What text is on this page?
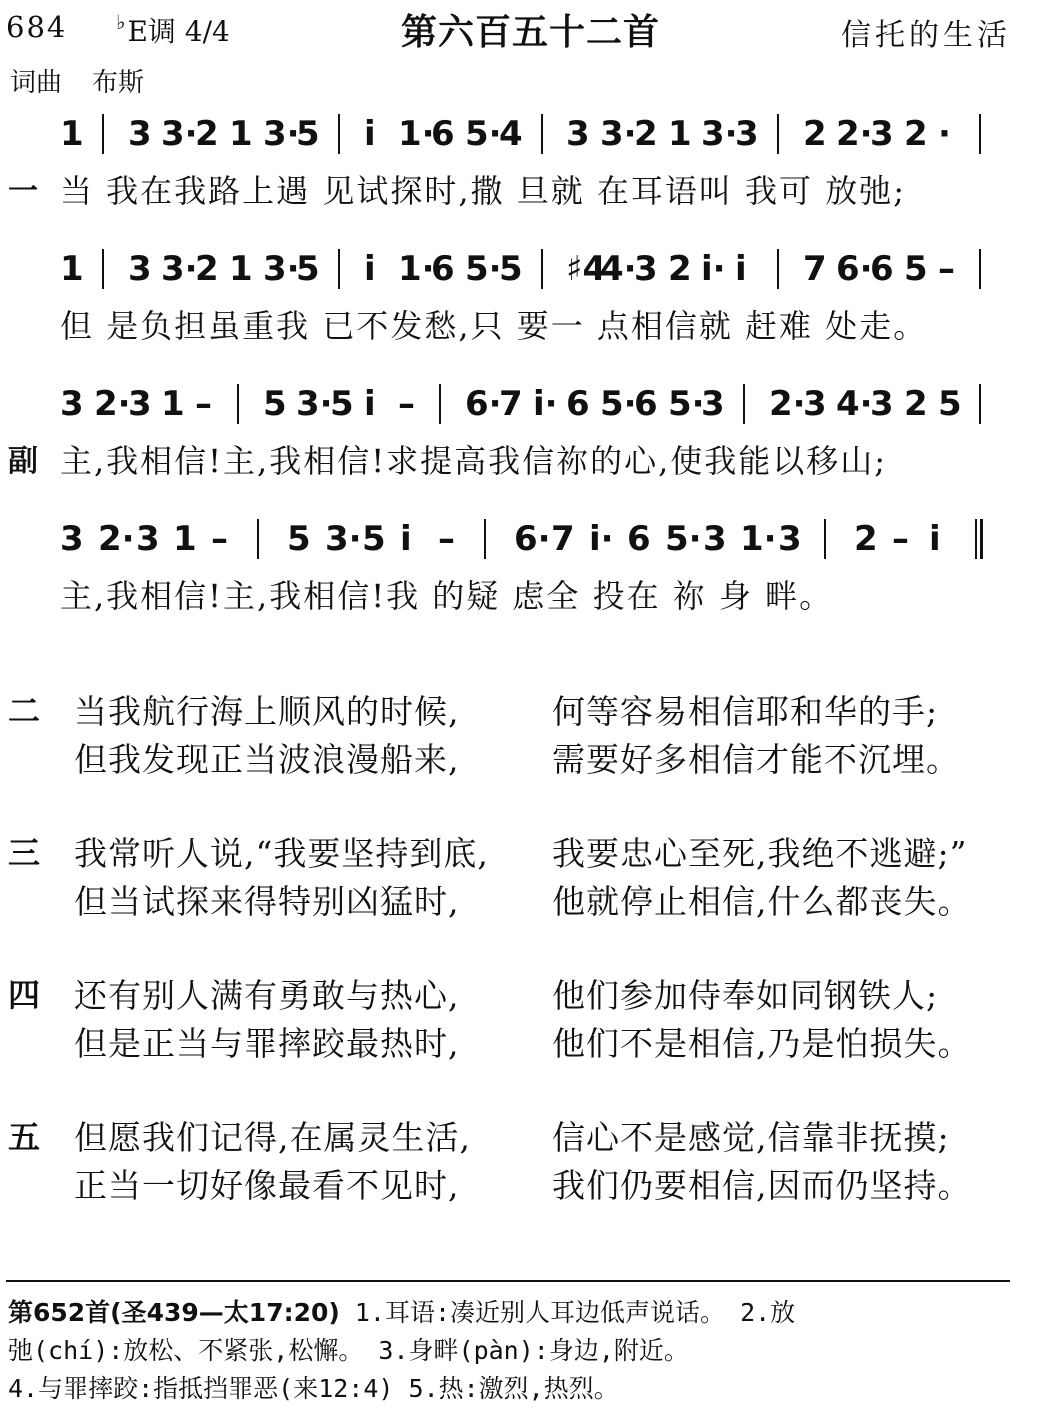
684 ♭E调 4/4	第六百五十二首	信托的生活
词曲 布斯
1 3 3·
2 1 3·
5 i 1·
6 5·
4 3 3·
2 1 3·
3 2 2·
3 2 ·
一 当 我在我路上遇 见试探时,撒 旦就 在耳语叫 我可 放弛;
1 3 3·
2 1 3·
5 i 1·
6 5·
5 ♯4
4·
3 2 i· i 7 6·
6 5 –
但 是负担虽重我 已不发愁,只 要一 点相信就 赶难 处走。
3 2·
3 1 – 5 3·
5 i – 6·
7 i· 6 5·
6 5·
3 2·
3 4·
3 2 5
副 主,我相信!主,我相信!求提高我信祢的心,使我能以移山;
3 2· 3 1 – 5 3· 5 i – 6· 7 i· 6 5· 3 1· 3 2 – i
主,我相信!主,我相信!我 的疑 虑全 投在 祢 身 畔。
二 当我航行海上顺风的时候,	何等容易相信耶和华的手;
但我发现正当波浪漫船来,	需要好多相信才能不沉埋。
三 我常听人说,“我要坚持到底, 我要忠心至死,我绝不逃避;”
但当试探来得特别凶猛时,	他就停止相信,什么都丧失。
四 还有别人满有勇敢与热心,	他们参加侍奉如同钢铁人;
但是正当与罪摔跤最热时,	他们不是相信,乃是怕损失。
五 但愿我们记得,在属灵生活, 信心不是感觉,信靠非抚摸;
正当一切好像最看不见时,	我们仍要相信,因而仍坚持。
第652首(圣439—太17:20) 1.耳语:凑近别人耳边低声说话。 2.放
弛(chí):放松、不紧张,松懈。 3.身畔(pàn):身边,附近。
4.与罪摔跤:指抵挡罪恶(来12:4) 5.热:激烈,热烈。
